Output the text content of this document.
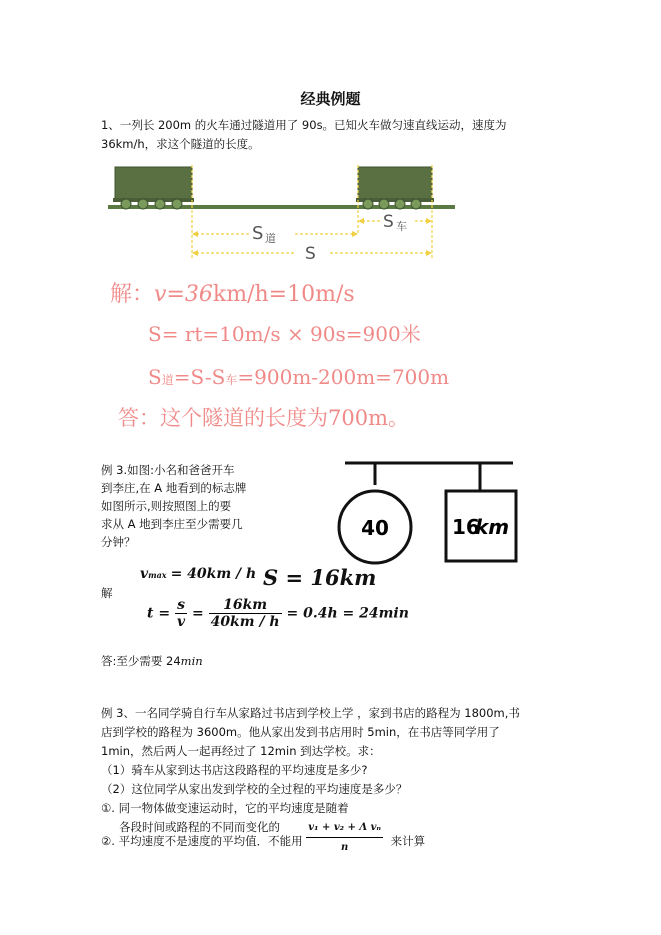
经典例题
1、一列长 200m 的火车通过隧道用了 90s。已知火车做匀速直线运动，速度为
36km/h，求这个隧道的长度。
S 道
S 车
S
解：v=36km/h=10m/s
S= rt=10m/s × 90s=900米
S道=S-S车=900m-200m=700m
答：这个隧道的长度为700m。
例 3.如图:小名和爸爸开车
到李庄,在 A 地看到的标志牌
如图所示,则按照图上的要
求从 A 地到李庄至少需要几
分钟？
40	16
km
vmax = 40km / h S = 16km
解
$t = \frac{s}{v} = \frac{16km}{40km / h} = 0.4h = 24\min$
答:至少需要 24min
例 3、一名同学骑自行车从家路过书店到学校上学 ，家到书店的路程为 1800m,书
店到学校的路程为 3600m。他从家出发到书店用时 5min，在书店等同学用了
1min，然后两人一起再经过了 12min 到达学校。求：
（1）骑车从家到达书店这段路程的平均速度是多少?
（2）这位同学从家出发到学校的全过程的平均速度是多少？
①. 同一物体做变速运动时，它的平均速度是随着
各段时间或路程的不同而变化的
②. 平均速度不是速度的平均值．不能用 $\frac{\text{v₁ + v₂ + Λ vₙ}}{n}$ 来计算
